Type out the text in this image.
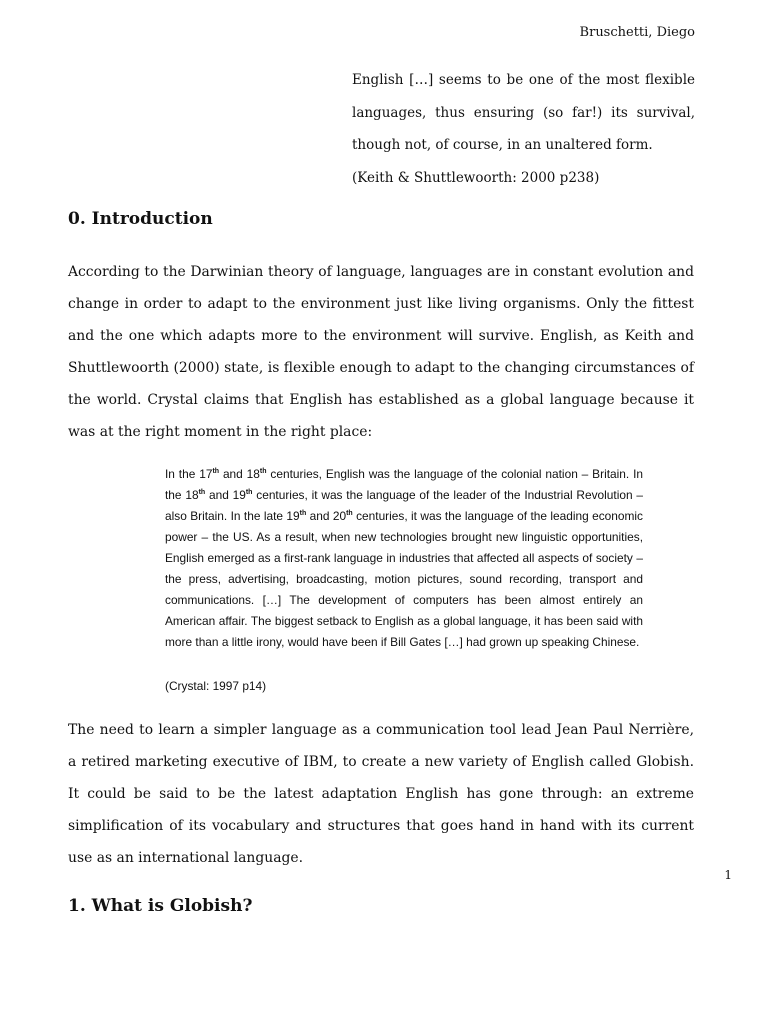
Bruschetti, Diego

English […] seems to be one of the most flexible languages, thus ensuring (so far!) its survival, though not, of course, in an unaltered form.

(Keith & Shuttlewoorth: 2000 p238)

0. Introduction

According to the Darwinian theory of language, languages are in constant evolution and change in order to adapt to the environment just like living organisms. Only the fittest and the one which adapts more to the environment will survive. English, as Keith and Shuttlewoorth (2000) state, is flexible enough to adapt to the changing circumstances of the world. Crystal claims that English has established as a global language because it was at the right moment in the right place:

In the 17th and 18th centuries, English was the language of the colonial nation – Britain. In the 18th and 19th centuries, it was the language of the leader of the Industrial Revolution – also Britain. In the late 19th and 20th centuries, it was the language of the leading economic power – the US. As a result, when new technologies brought new linguistic opportunities, English emerged as a first-rank language in industries that affected all aspects of society – the press, advertising, broadcasting, motion pictures, sound recording, transport and communications. […] The development of computers has been almost entirely an American affair. The biggest setback to English as a global language, it has been said with more than a little irony, would have been if Bill Gates […] had grown up speaking Chinese.

(Crystal: 1997 p14)

The need to learn a simpler language as a communication tool lead Jean Paul Nerrière, a retired marketing executive of IBM, to create a new variety of English called Globish. It could be said to be the latest adaptation English has gone through: an extreme simplification of its vocabulary and structures that goes hand in hand with its current use as an international language.

1
1. What is Globish?
